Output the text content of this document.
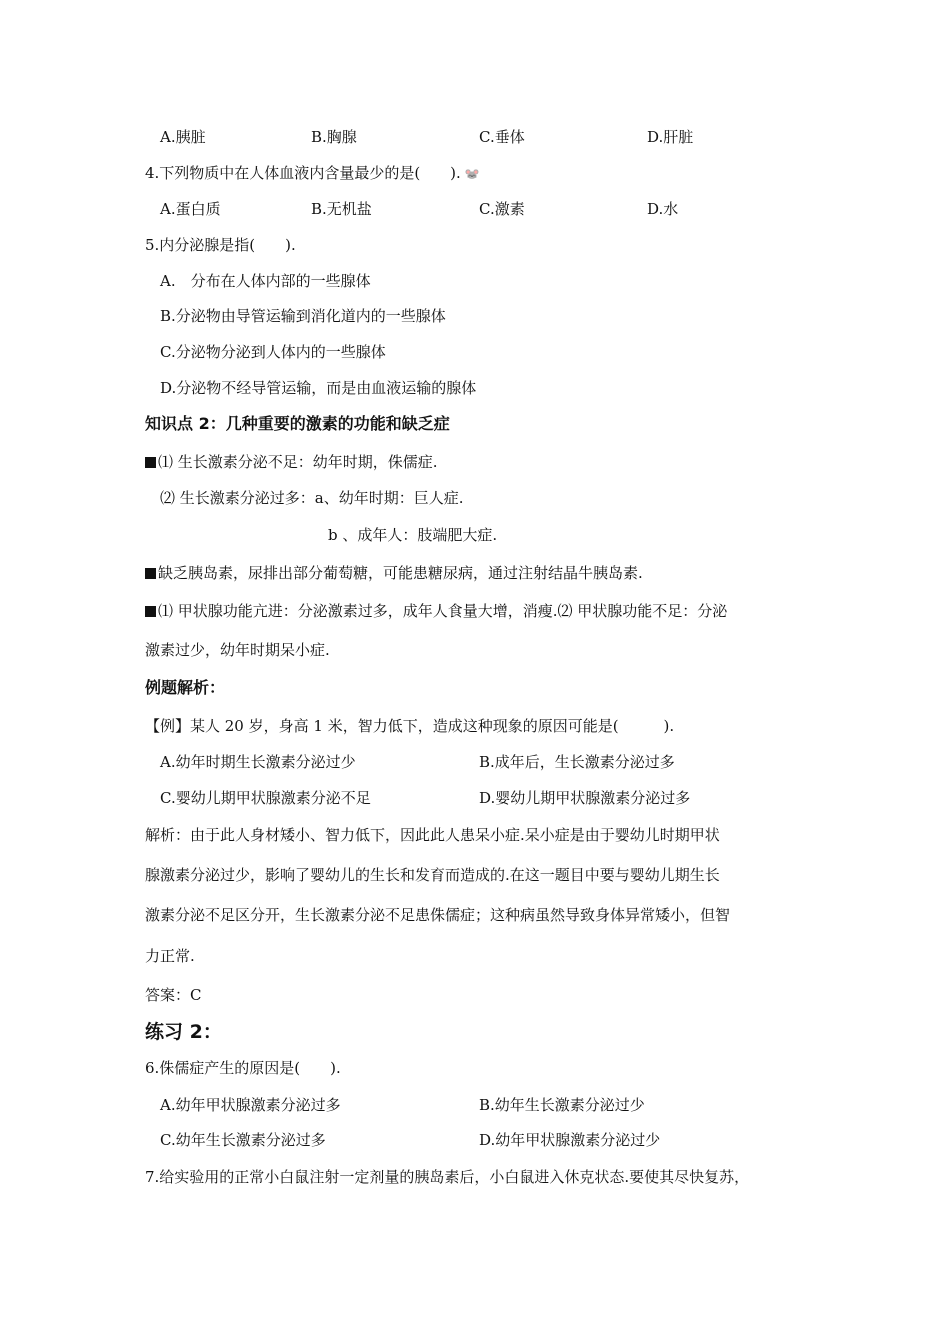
A.胰脏	B.胸腺	C.垂体	D.肝脏
4.下列物质中在人体血液内含量最少的是(　　). 🐭
A.蛋白质	B.无机盐	C.激素	D.水
5.内分泌腺是指(　　).
A.　分布在人体内部的一些腺体
B.分泌物由导管运输到消化道内的一些腺体
C.分泌物分泌到人体内的一些腺体
D.分泌物不经导管运输，而是由血液运输的腺体
知识点 2：几种重要的激素的功能和缺乏症
⑴ 生长激素分泌不足：幼年时期，侏儒症.
⑵ 生长激素分泌过多：a、幼年时期：巨人症.
b 、成年人：肢端肥大症.
缺乏胰岛素，尿排出部分葡萄糖，可能患糖尿病，通过注射结晶牛胰岛素.
⑴ 甲状腺功能亢进：分泌激素过多，成年人食量大增，消瘦.⑵ 甲状腺功能不足：分泌
激素过少，幼年时期呆小症.
例题解析：
【例】某人 20 岁，身高 1 米，智力低下，造成这种现象的原因可能是(　　　).
A.幼年时期生长激素分泌过少	B.成年后，生长激素分泌过多
C.婴幼儿期甲状腺激素分泌不足	D.婴幼儿期甲状腺激素分泌过多
解析：由于此人身材矮小、智力低下，因此此人患呆小症.呆小症是由于婴幼儿时期甲状
腺激素分泌过少，影响了婴幼儿的生长和发育而造成的.在这一题目中要与婴幼儿期生长
激素分泌不足区分开，生长激素分泌不足患侏儒症；这种病虽然导致身体异常矮小，但智
力正常.
答案：C
练习 2：
6.侏儒症产生的原因是(　　).
A.幼年甲状腺激素分泌过多	B.幼年生长激素分泌过少
C.幼年生长激素分泌过多	D.幼年甲状腺激素分泌过少
7.给实验用的正常小白鼠注射一定剂量的胰岛素后，小白鼠进入休克状态.要使其尽快复苏，
